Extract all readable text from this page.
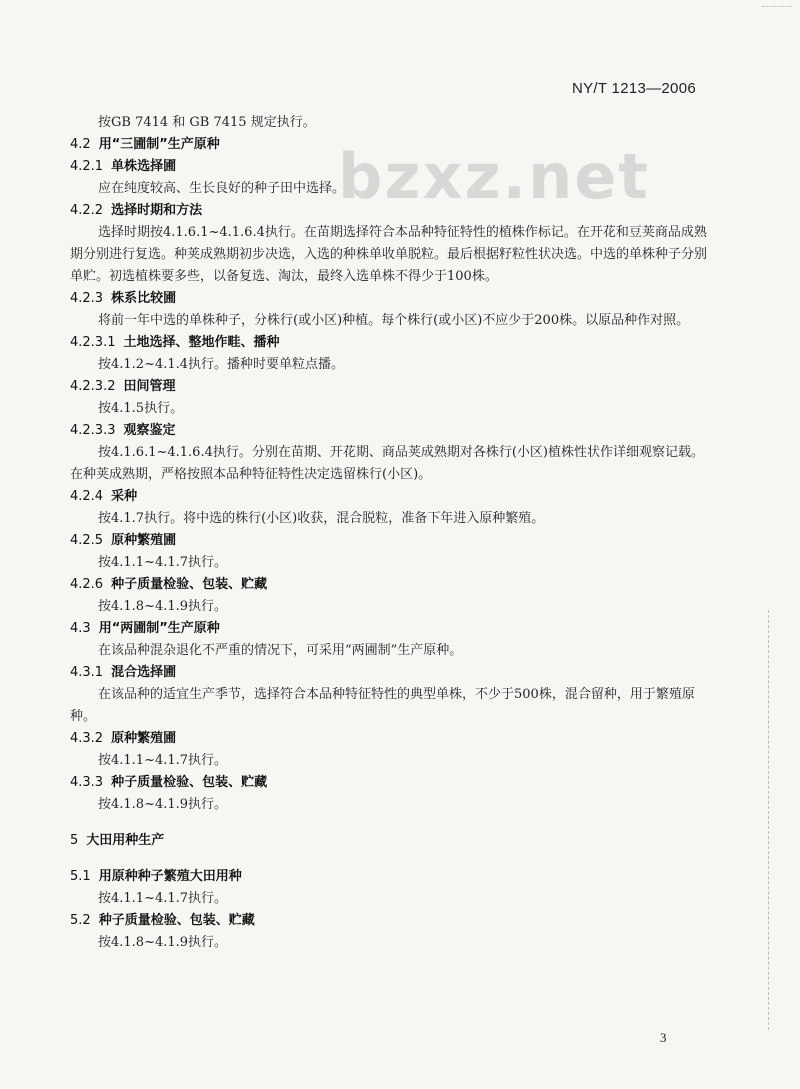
NY/T 1213—2006
bzxz.net
按GB 7414 和 GB 7415 规定执行。
4.2 用“三圃制”生产原种
4.2.1 单株选择圃
应在纯度较高、生长良好的种子田中选择。
4.2.2 选择时期和方法
选择时期按4.1.6.1~4.1.6.4执行。在苗期选择符合本品种特征特性的植株作标记。在开花和豆荚商品成熟期分别进行复选。种荚成熟期初步决选，入选的种株单收单脱粒。最后根据籽粒性状决选。中选的单株种子分别单贮。初选植株要多些，以备复选、淘汰，最终入选单株不得少于100株。
4.2.3 株系比较圃
将前一年中选的单株种子，分株行(或小区)种植。每个株行(或小区)不应少于200株。以原品种作对照。
4.2.3.1 土地选择、整地作畦、播种
按4.1.2~4.1.4执行。播种时要单粒点播。
4.2.3.2 田间管理
按4.1.5执行。
4.2.3.3 观察鉴定
按4.1.6.1~4.1.6.4执行。分别在苗期、开花期、商品荚成熟期对各株行(小区)植株性状作详细观察记载。在种荚成熟期，严格按照本品种特征特性决定选留株行(小区)。
4.2.4 采种
按4.1.7执行。将中选的株行(小区)收获，混合脱粒，准备下年进入原种繁殖。
4.2.5 原种繁殖圃
按4.1.1~4.1.7执行。
4.2.6 种子质量检验、包装、贮藏
按4.1.8~4.1.9执行。
4.3 用“两圃制”生产原种
在该品种混杂退化不严重的情况下，可采用“两圃制”生产原种。
4.3.1 混合选择圃
在该品种的适宜生产季节，选择符合本品种特征特性的典型单株，不少于500株，混合留种，用于繁殖原种。
4.3.2 原种繁殖圃
按4.1.1~4.1.7执行。
4.3.3 种子质量检验、包装、贮藏
按4.1.8~4.1.9执行。
5 大田用种生产
5.1 用原种种子繁殖大田用种
按4.1.1~4.1.7执行。
5.2 种子质量检验、包装、贮藏
按4.1.8~4.1.9执行。
3
